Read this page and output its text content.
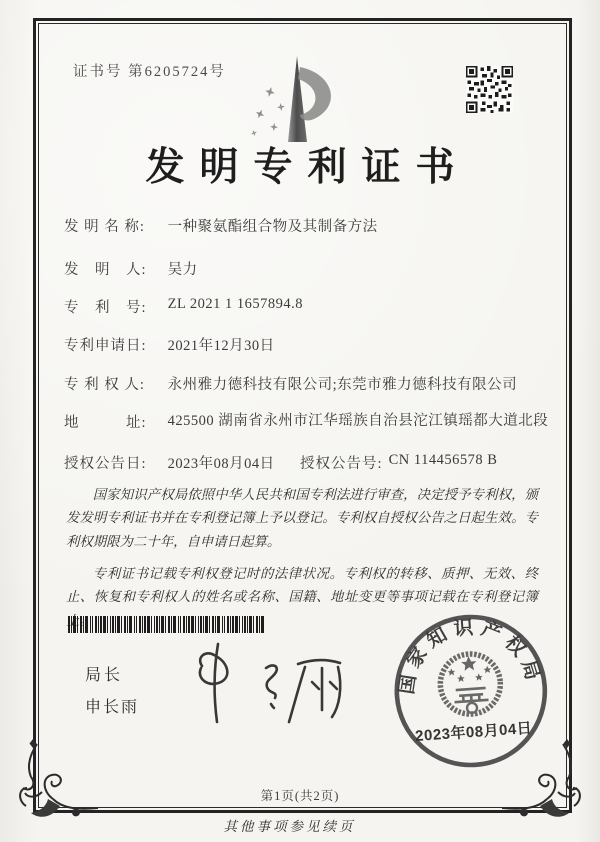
证书号 第6205724号
发明专利证书
发 明 名 称: 一种聚氨酯组合物及其制备方法
发　明　人: 吴力
专　利　号: ZL 2021 1 1657894.8
专利申请日: 2021年12月30日
专 利 权 人: 永州雅力德科技有限公司;东莞市雅力德科技有限公司
地　　　址: 425500 湖南省永州市江华瑶族自治县沱江镇瑶都大道北段
授权公告日: 2023年08月04日 授权公告号: CN 114456578 B

国家知识产权局依照中华人民共和国专利法进行审查，决定授予专利权，颁发发明专利证书并在专利登记簿上予以登记。专利权自授权公告之日起生效。专利权期限为二十年，自申请日起算。

专利证书记载专利权登记时的法律状况。专利权的转移、质押、无效、终止、恢复和专利权人的姓名或名称、国籍、地址变更等事项记载在专利登记簿上。

局长
申长雨
国家知识产权局
2023年08月04日
第1页(共2页)
其他事项参见续页
